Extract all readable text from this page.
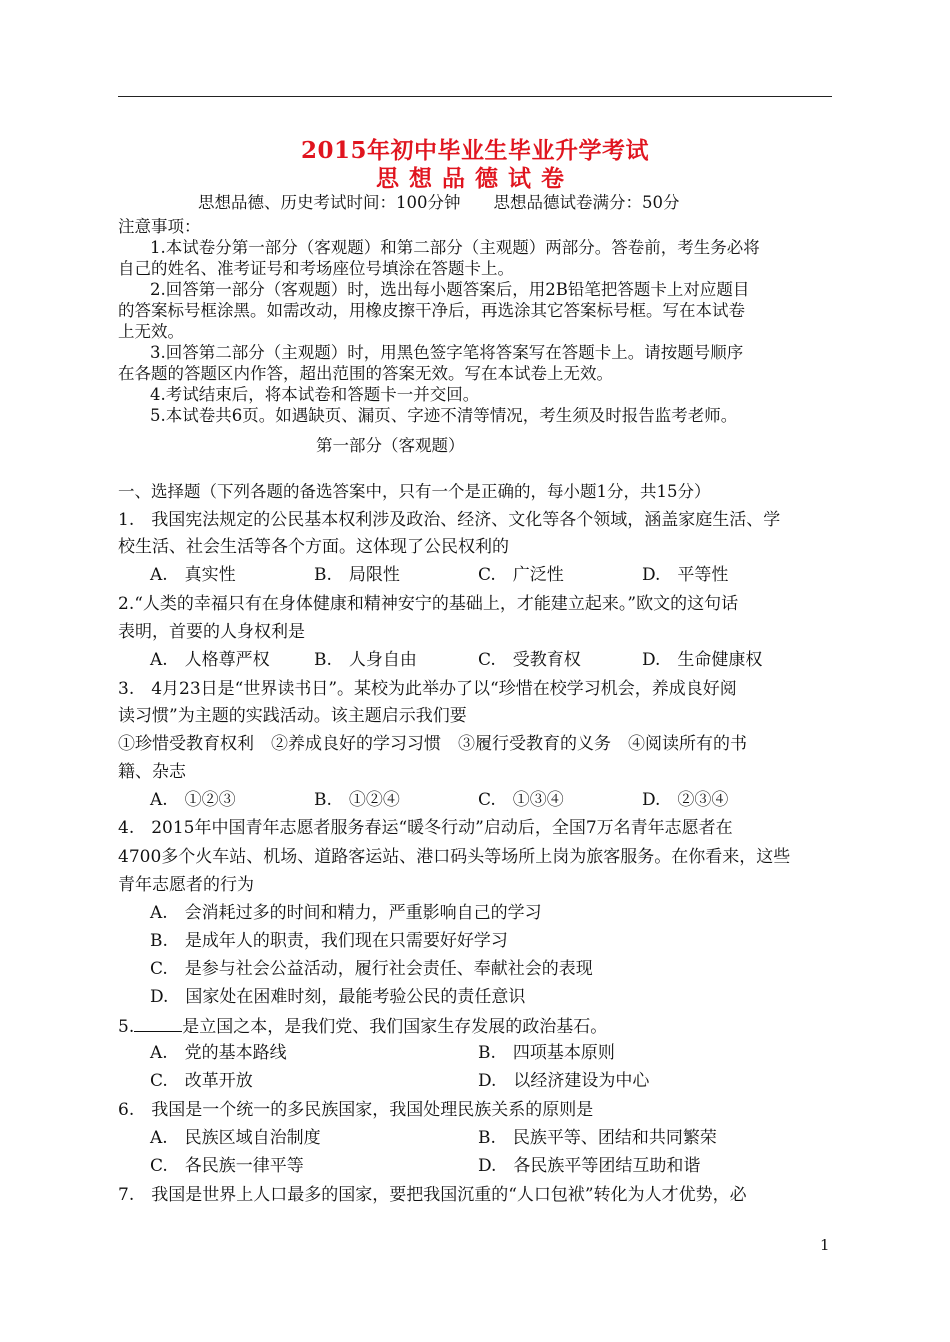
2015年初中毕业生毕业升学考试
思想品德试卷
思想品德、历史考试时间：100分钟　　思想品德试卷满分：50分
注意事项：
1.本试卷分第一部分（客观题）和第二部分（主观题）两部分。答卷前，考生务必将
自己的姓名、准考证号和考场座位号填涂在答题卡上。
2.回答第一部分（客观题）时，选出每小题答案后，用2B铅笔把答题卡上对应题目
的答案标号框涂黑。如需改动，用橡皮擦干净后，再选涂其它答案标号框。写在本试卷
上无效。
3.回答第二部分（主观题）时，用黑色签字笔将答案写在答题卡上。请按题号顺序
在各题的答题区内作答，超出范围的答案无效。写在本试卷上无效。
4.考试结束后，将本试卷和答题卡一并交回。
5.本试卷共6页。如遇缺页、漏页、字迹不清等情况，考生须及时报告监考老师。
第一部分（客观题）
一、选择题（下列各题的备选答案中，只有一个是正确的，每小题1分，共15分）
1.　我国宪法规定的公民基本权利涉及政治、经济、文化等各个领域，涵盖家庭生活、学
校生活、社会生活等各个方面。这体现了公民权利的
A.　真实性	B.　局限性	C.　广泛性	D.　平等性
2.“人类的幸福只有在身体健康和精神安宁的基础上，才能建立起来。”欧文的这句话
表明，首要的人身权利是
A.　人格尊严权	B.　人身自由	C.　受教育权	D.　生命健康权
3.　4月23日是“世界读书日”。某校为此举办了以“珍惜在校学习机会，养成良好阅
读习惯”为主题的实践活动。该主题启示我们要
①珍惜受教育权利　②养成良好的学习习惯　③履行受教育的义务　④阅读所有的书
籍、杂志
A.　①②③	B.　①②④	C.　①③④	D.　②③④
4.　2015年中国青年志愿者服务春运“暖冬行动”启动后，全国7万名青年志愿者在
4700多个火车站、机场、道路客运站、港口码头等场所上岗为旅客服务。在你看来，这些
青年志愿者的行为
A.　会消耗过多的时间和精力，严重影响自己的学习
B.　是成年人的职责，我们现在只需要好好学习
C.　是参与社会公益活动，履行社会责任、奉献社会的表现
D.　国家处在困难时刻，最能考验公民的责任意识
5.	是立国之本，是我们党、我们国家生存发展的政治基石。
A.　党的基本路线	B.　四项基本原则
C.　改革开放	D.　以经济建设为中心
6.　我国是一个统一的多民族国家，我国处理民族关系的原则是
A.　民族区域自治制度	B.　民族平等、团结和共同繁荣
C.　各民族一律平等	D.　各民族平等团结互助和谐
7.　我国是世界上人口最多的国家，要把我国沉重的“人口包袱”转化为人才优势，必
1
